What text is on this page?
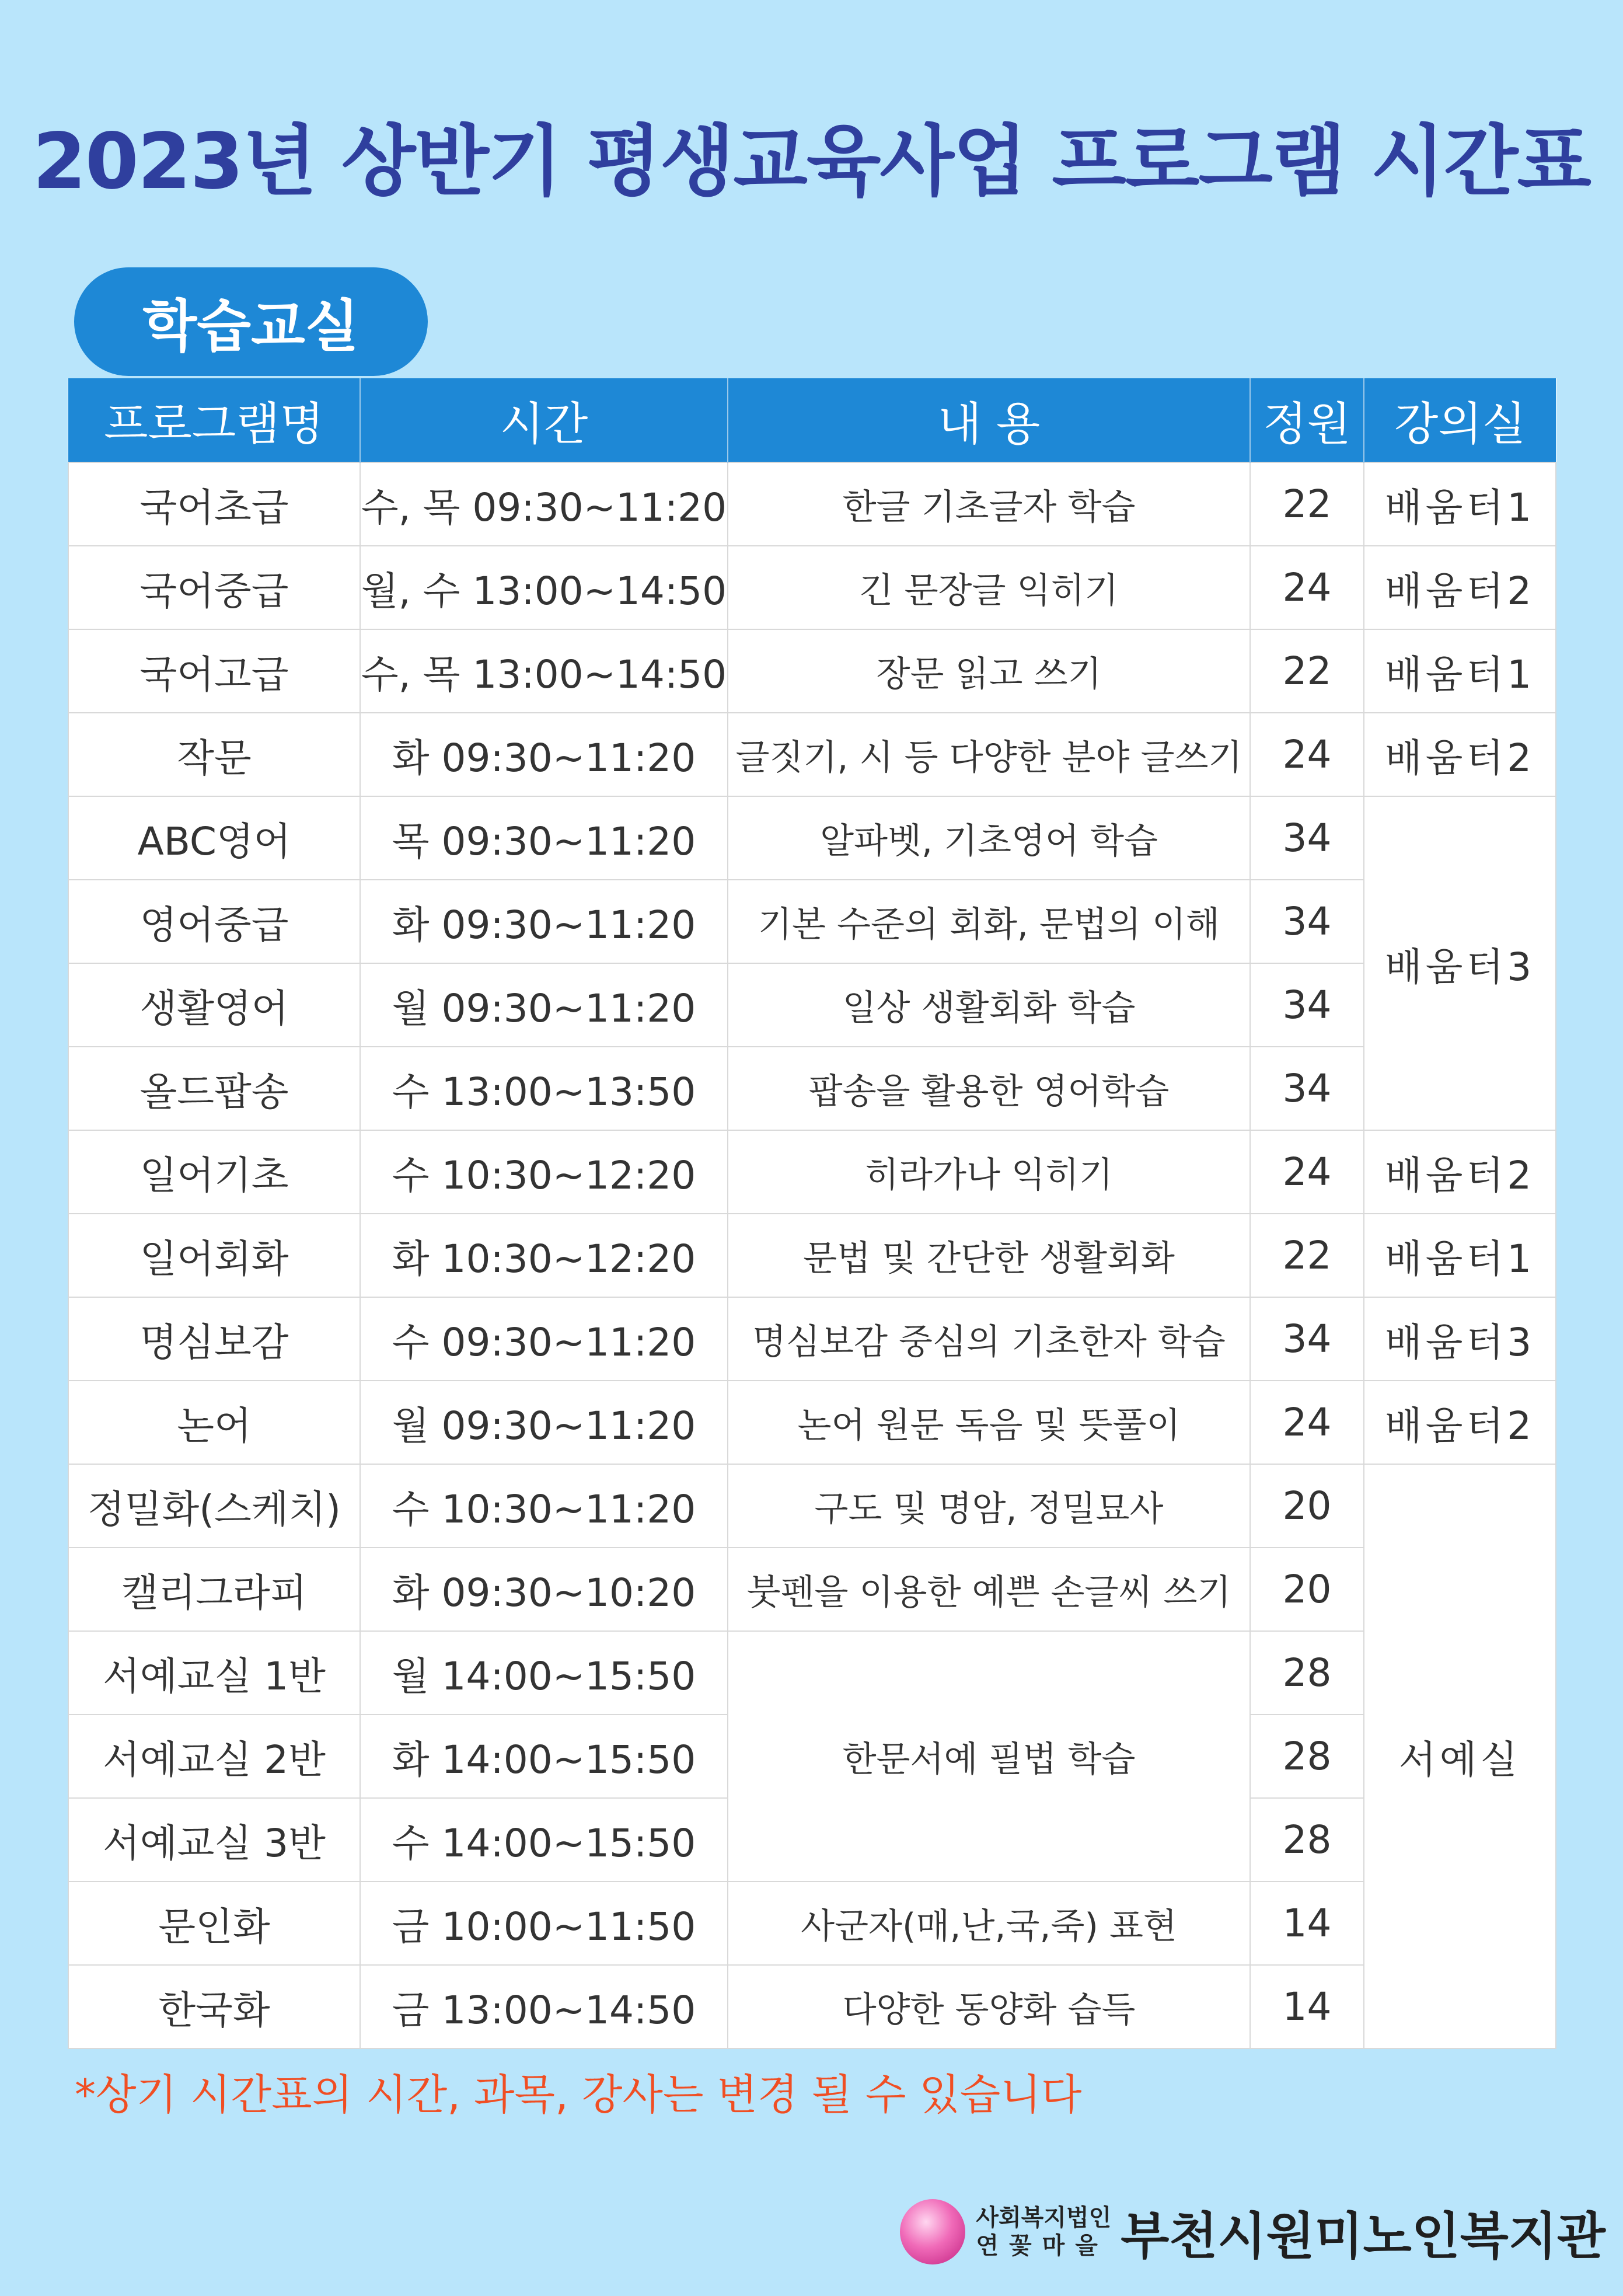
2023년 상반기 평생교육사업 프로그램 시간표
학습교실
프로그램명	시간	내 용	정원	강의실
국어초급	수, 목 09:30~11:20	한글 기초글자 학습	22	배움터1
국어중급	월, 수 13:00~14:50	긴 문장글 익히기	24	배움터2
국어고급	수, 목 13:00~14:50	장문 읽고 쓰기	22	배움터1
작문	화 09:30~11:20	글짓기, 시 등 다양한 분야 글쓰기	24	배움터2
ABC영어	목 09:30~11:20	알파벳, 기초영어 학습	34	배움터3
영어중급	화 09:30~11:20	기본 수준의 회화, 문법의 이해	34	
생활영어	월 09:30~11:20	일상 생활회화 학습	34	
올드팝송	수 13:00~13:50	팝송을 활용한 영어학습	34	
일어기초	수 10:30~12:20	히라가나 익히기	24	배움터2
일어회화	화 10:30~12:20	문법 및 간단한 생활회화	22	배움터1
명심보감	수 09:30~11:20	명심보감 중심의 기초한자 학습	34	배움터3
논어	월 09:30~11:20	논어 원문 독음 및 뜻풀이	24	배움터2
정밀화(스케치)	수 10:30~11:20	구도 및 명암, 정밀묘사	20	서예실
캘리그라피	화 09:30~10:20	붓펜을 이용한 예쁜 손글씨 쓰기	20	
서예교실 1반	월 14:00~15:50	한문서예 필법 학습	28	
서예교실 2반	화 14:00~15:50		28	
서예교실 3반	수 14:00~15:50		28	
문인화	금 10:00~11:50	사군자(매,난,국,죽) 표현	14	
한국화	금 13:00~14:50	다양한 동양화 습득	14	
*상기 시간표의 시간, 과목, 강사는 변경 될 수 있습니다
사회복지법인
연꽃마을 부천시원미노인복지관
